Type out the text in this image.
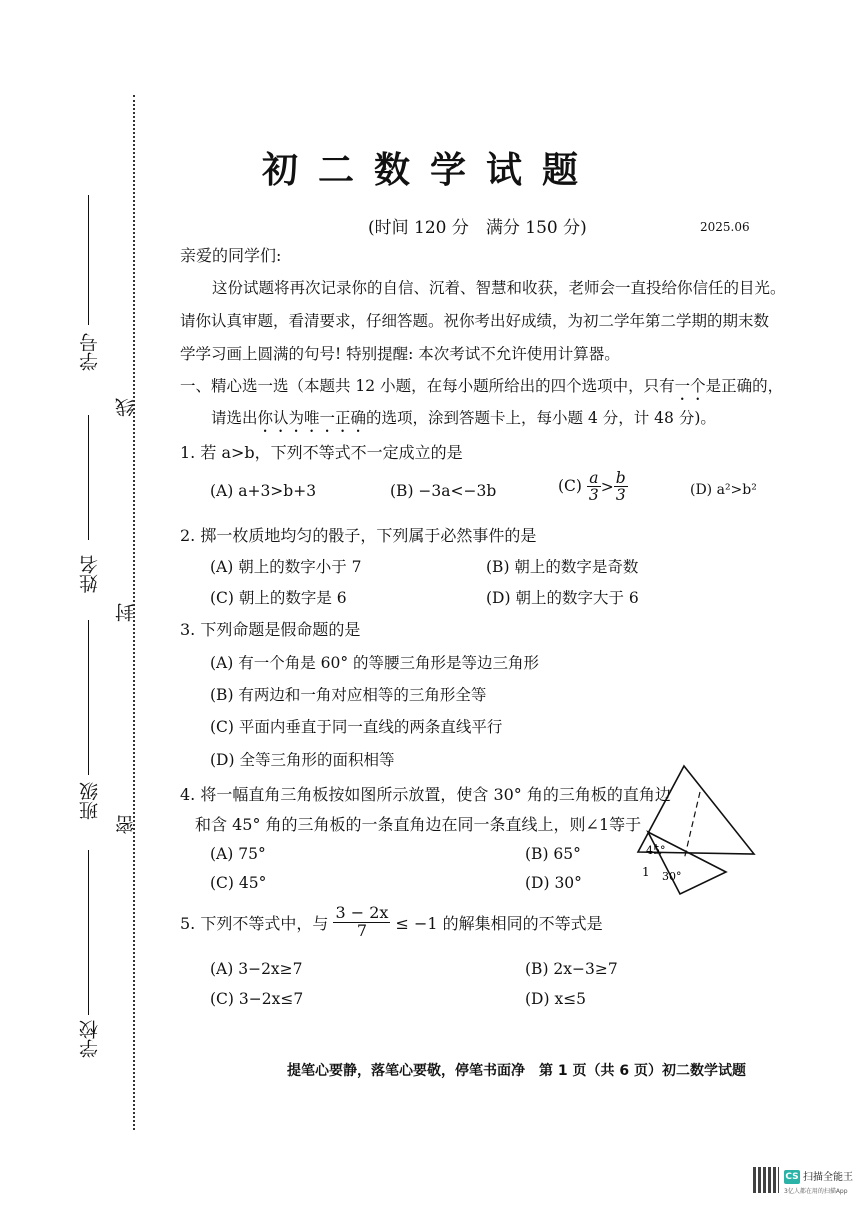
学号
姓名
班级
学校
线
封
密
初二数学试题
(时间 120 分　满分 150 分)	2025.06
亲爱的同学们:
这份试题将再次记录你的自信、沉着、智慧和收获，老师会一直投给你信任的目光。
请你认真审题，看清要求，仔细答题。祝你考出好成绩，为初二学年第二学期的期末数
学学习画上圆满的句号! 特别提醒: 本次考试不允许使用计算器。
一、精心选一选（本题共 12 小题，在每小题所给出的四个选项中，只有一个是正确的，
请选出你认为唯一正确的选项，涂到答题卡上，每小题 4 分，计 48 分)。
1. 若 a>b，下列不等式不一定成立的是
(A) a+3>b+3	(B) −3a<−3b	$(C) \frac{a}{3} > \frac{b}{3}$	(D) a²>b²
2. 掷一枚质地均匀的骰子，下列属于必然事件的是
(A) 朝上的数字小于 7	(B) 朝上的数字是奇数
(C) 朝上的数字是 6	(D) 朝上的数字大于 6
3. 下列命题是假命题的是
(A) 有一个角是 60° 的等腰三角形是等边三角形
(B) 有两边和一角对应相等的三角形全等
(C) 平面内垂直于同一直线的两条直线平行
(D) 全等三角形的面积相等
4. 将一幅直角三角板按如图所示放置，使含 30° 角的三角板的直角边
和含 45° 角的三角板的一条直角边在同一条直线上，则∠1等于
(A) 75°	(B) 65°
(C) 45°	(D) 30°
45°
1 30°
5. 下列不等式中，与 $\frac{3 - 2x}{7} \le -1$ 的解集相同的不等式是
(A) 3−2x≥7	(B) 2x−3≥7
(C) 3−2x≤7	(D) x≤5
提笔心要静，落笔心要敬，停笔书面净　第 1 页（共 6 页）初二数学试题
CS 扫描全能王
3亿人都在用的扫描App
